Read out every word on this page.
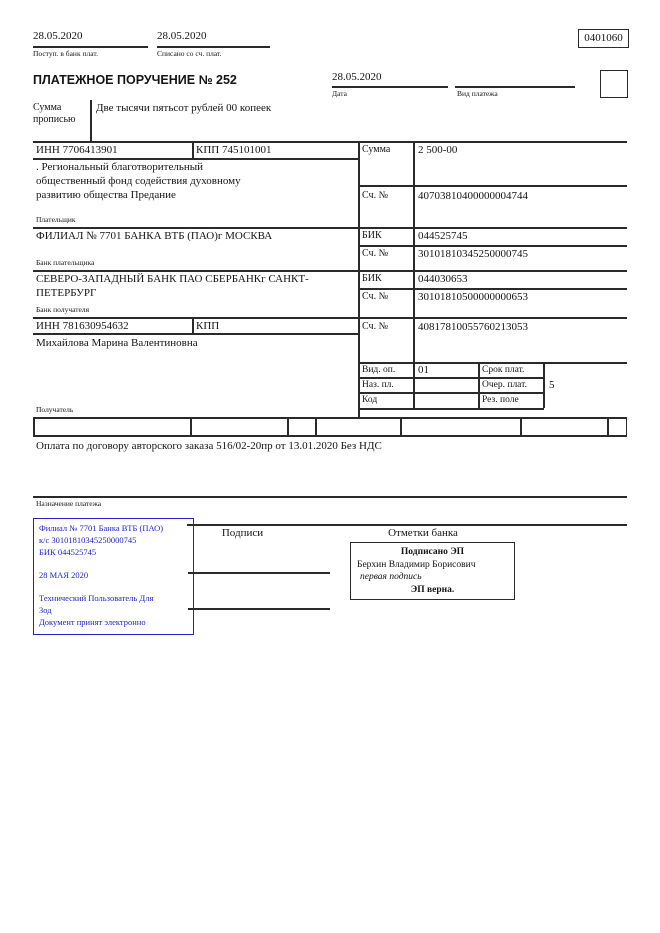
28.05.2020
Поступ. в банк плат.
28.05.2020
Списано со сч. плат.
0401060
ПЛАТЕЖНОЕ ПОРУЧЕНИЕ № 252	28.05.2020
Дата	Вид платежа
Сумма
прописью
Две тысячи пятьсот рублей 00 копеек
ИНН 7706413901	КПП 745101001	Сумма	2 500-00
. Региональный благотворительный
общественный фонд содействия духовному
развитию общества Предание
Плательщик
Сч. №	40703810400000004744
ФИЛИАЛ № 7701 БАНКА ВТБ (ПАО)г МОСКВА	БИК	044525745
Сч. №	30101810345250000745
Банк плательщика
СЕВЕРО-ЗАПАДНЫЙ БАНК ПАО СБЕРБАНКг САНКТ-
ПЕТЕРБУРГ
БИК	044030653
Сч. №	30101810500000000653
Банк получателя
ИНН 781630954632	КПП	Сч. №	40817810055760213053
Михайлова Марина Валентиновна
Получатель
Вид. оп. 01	Срок плат.
Наз. пл.	Очер. плат. 5
Код	Рез. поле
Оплата по договору авторского заказа 516/02-20пр от 13.01.2020 Без НДС
Назначение платежа
Подписи	Отметки банка
Филиал № 7701 Банка ВТБ (ПАО)
к/с 30101810345250000745
БИК 044525745
28 МАЯ 2020
Технический Пользователь Для
Зод
Документ принят электронно
Подписано ЭП
Берхин Владимир Борисович
первая подпись
ЭП верна.
